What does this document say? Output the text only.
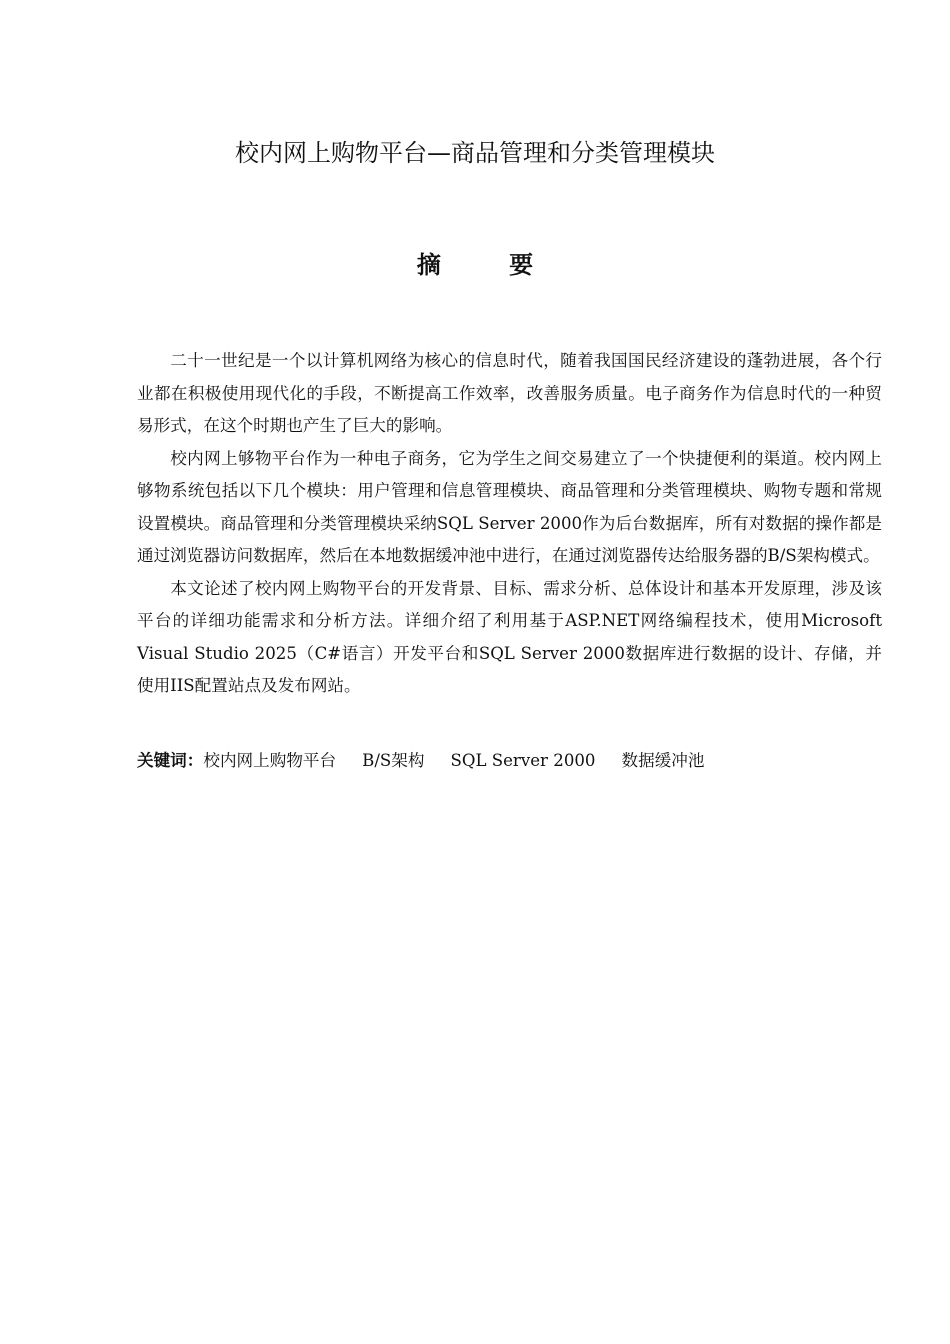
校内网上购物平台—商品管理和分类管理模块
摘 要

二十一世纪是一个以计算机网络为核心的信息时代，随着我国国民经济建设的蓬勃进展，各个行业都在积极使用现代化的手段，不断提高工作效率，改善服务质量。电子商务作为信息时代的一种贸易形式，在这个时期也产生了巨大的影响。

校内网上够物平台作为一种电子商务，它为学生之间交易建立了一个快捷便利的渠道。校内网上够物系统包括以下几个模块：用户管理和信息管理模块、商品管理和分类管理模块、购物专题和常规设置模块。商品管理和分类管理模块采纳SQL Server 2000作为后台数据库，所有对数据的操作都是通过浏览器访问数据库，然后在本地数据缓冲池中进行，在通过浏览器传达给服务器的B/S架构模式。

本文论述了校内网上购物平台的开发背景、目标、需求分析、总体设计和基本开发原理，涉及该平台的详细功能需求和分析方法。详细介绍了利用基于ASP.NET网络编程技术，使用Microsoft Visual Studio 2025（C#语言）开发平台和SQL Server 2000数据库进行数据的设计、存储，并使用IIS配置站点及发布网站。

关键词：校内网上购物平台 B/S架构 SQL Server 2000 数据缓冲池
